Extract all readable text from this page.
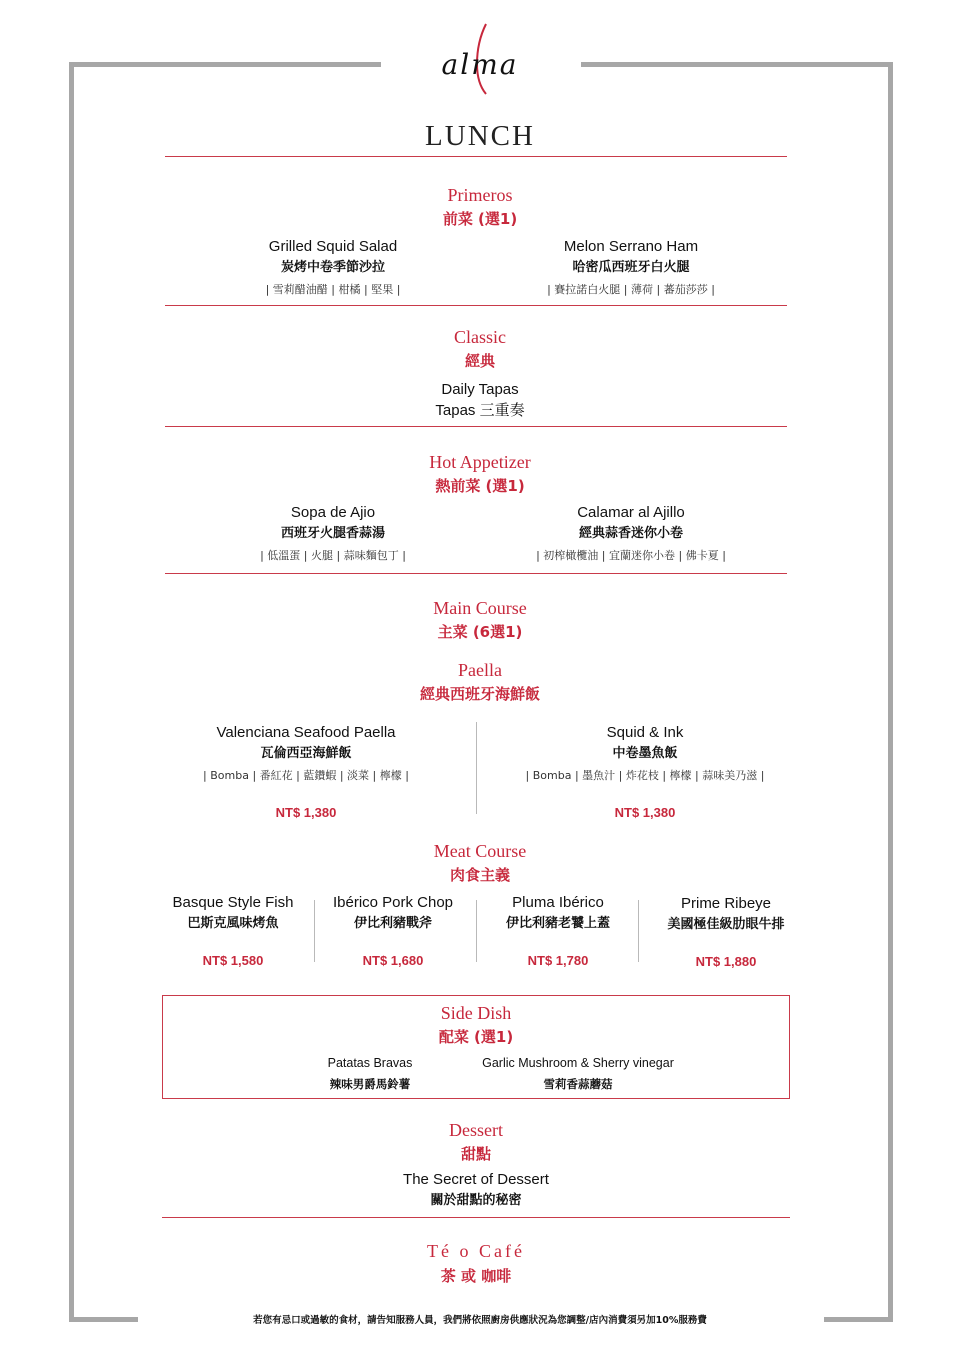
alma
LUNCH
Primeros
前菜 (選1)
Grilled Squid Salad
炭烤中卷季節沙拉
| 雪莉醋油醋 | 柑橘 | 堅果 |
Melon Serrano Ham
哈密瓜西班牙白火腿
| 賽拉諾白火腿 | 薄荷 | 蕃茄莎莎 |
Classic
經典
Daily Tapas
Tapas 三重奏
Hot Appetizer
熱前菜 (選1)
Sopa de Ajio
西班牙火腿香蒜湯
| 低溫蛋 | 火腿 | 蒜味麵包丁 |
Calamar al Ajillo
經典蒜香迷你小卷
| 初榨橄欖油 | 宜蘭迷你小卷 | 佛卡夏 |
Main Course
主菜 (6選1)
Paella
經典西班牙海鮮飯
Valenciana Seafood Paella
瓦倫西亞海鮮飯
| Bomba | 番紅花 | 藍鑽蝦 | 淡菜 | 檸檬 |
NT$ 1,380
Squid & Ink
中卷墨魚飯
| Bomba | 墨魚汁 | 炸花枝 | 檸檬 | 蒜味美乃滋 |
NT$ 1,380
Meat Course
肉食主義
Basque Style Fish
巴斯克風味烤魚
NT$ 1,580
Ibérico Pork Chop
伊比利豬戰斧
NT$ 1,680
Pluma Ibérico
伊比利豬老饕上蓋
NT$ 1,780
Prime Ribeye
美國極佳級肋眼牛排
NT$ 1,880
Side Dish
配菜 (選1)
Patatas Bravas
辣味男爵馬鈴薯
Garlic Mushroom & Sherry vinegar
雪莉香蒜蘑菇
Dessert
甜點
The Secret of Dessert
關於甜點的秘密
Té o Café
茶 或 咖啡
若您有忌口或過敏的食材，請告知服務人員，我們將依照廚房供應狀況為您調整/店內消費須另加10%服務費
